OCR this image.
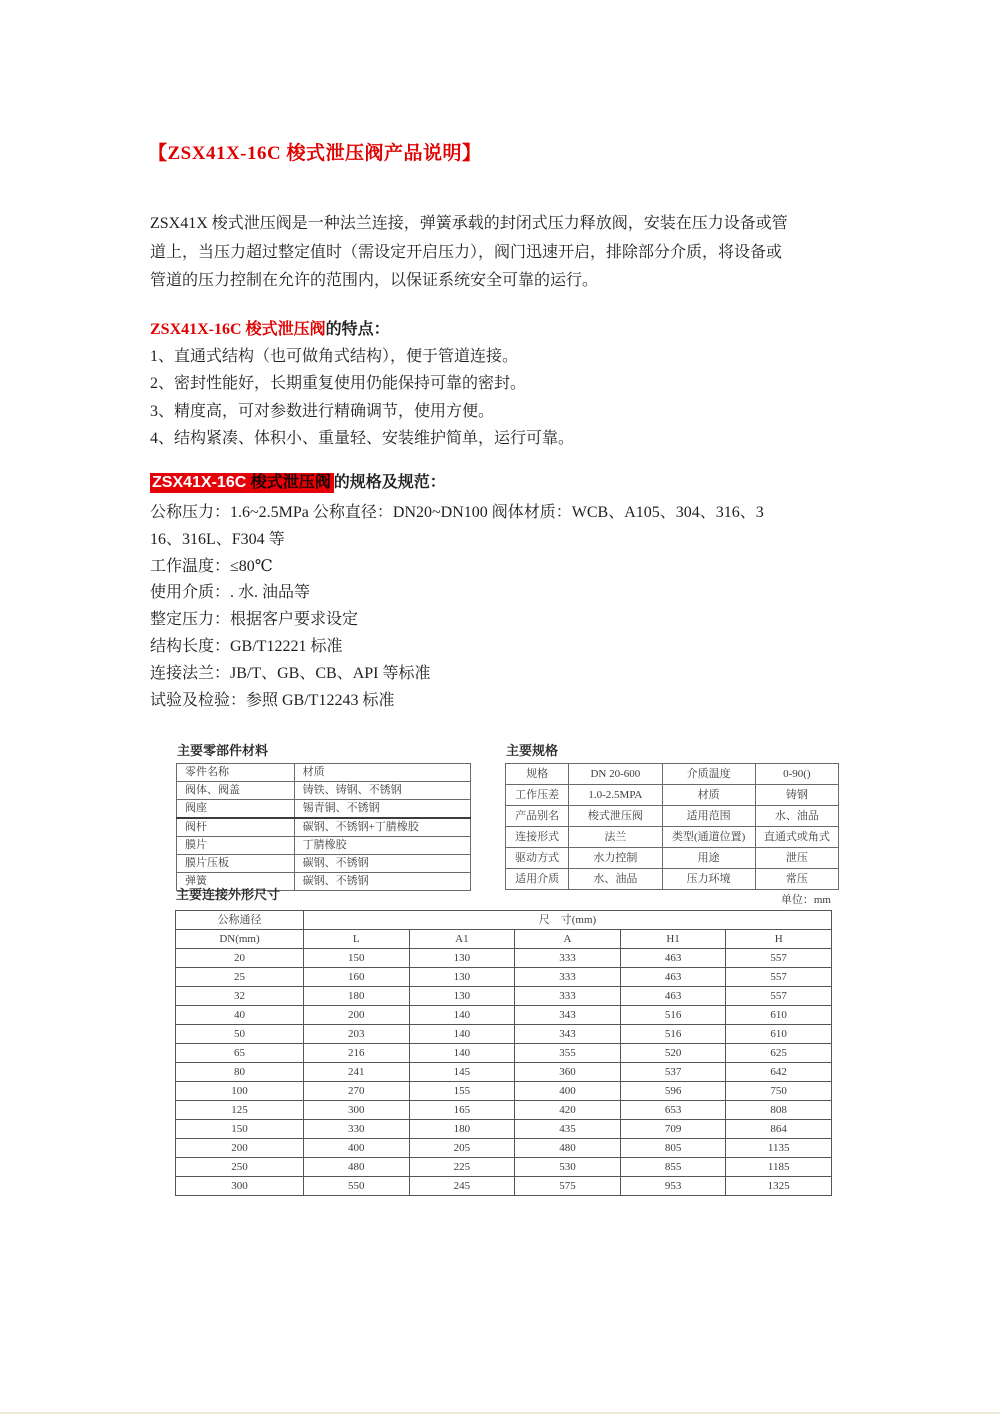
【ZSX41X-16C 梭式泄压阀产品说明】
ZSX41X 梭式泄压阀是一种法兰连接，弹簧承载的封闭式压力释放阀，安装在压力设备或管
道上，当压力超过整定值时（需设定开启压力），阀门迅速开启，排除部分介质，将设备或
管道的压力控制在允许的范围内，以保证系统安全可靠的运行。
ZSX41X-16C 梭式泄压阀的特点：
1、直通式结构（也可做角式结构），便于管道连接。
2、密封性能好，长期重复使用仍能保持可靠的密封。
3、精度高，可对参数进行精确调节，使用方便。
4、结构紧凑、体积小、重量轻、安装维护简单，运行可靠。
ZSX41X-16C 梭式泄压阀 的规格及规范：
公称压力：1.6~2.5MPa 公称直径：DN20~DN100 阀体材质：WCB、A105、304、316、3
16、316L、F304 等
工作温度：≤80℃
使用介质：. 水. 油品等
整定压力：根据客户要求设定
结构长度：GB/T12221 标准
连接法兰：JB/T、GB、CB、API 等标准
试验及检验：参照 GB/T12243 标准
主要零部件材料
零件名称	材质
阀体、阀盖	铸铁、铸钢、不锈钢
阀座	锡青铜、不锈钢
阀杆	碳钢、不锈钢+丁腈橡胶
膜片	丁腈橡胶
膜片压板	碳钢、不锈钢
弹簧	碳钢、不锈钢
主要规格
规格	DN 20-600	介质温度	0-90()
工作压差	1.0-2.5MPA	材质	铸钢
产品别名	梭式泄压阀	适用范围	水、油品
连接形式	法兰	类型(通道位置)	直通式或角式
驱动方式	水力控制	用途	泄压
适用介质	水、油品	压力环境	常压
主要连接外形尺寸	单位：mm
公称通径	尺　寸(mm)				
DN(mm)	L	A1	A	H1	H
20	150	130	333	463	557
25	160	130	333	463	557
32	180	130	333	463	557
40	200	140	343	516	610
50	203	140	343	516	610
65	216	140	355	520	625
80	241	145	360	537	642
100	270	155	400	596	750
125	300	165	420	653	808
150	330	180	435	709	864
200	400	205	480	805	1135
250	480	225	530	855	1185
300	550	245	575	953	1325
